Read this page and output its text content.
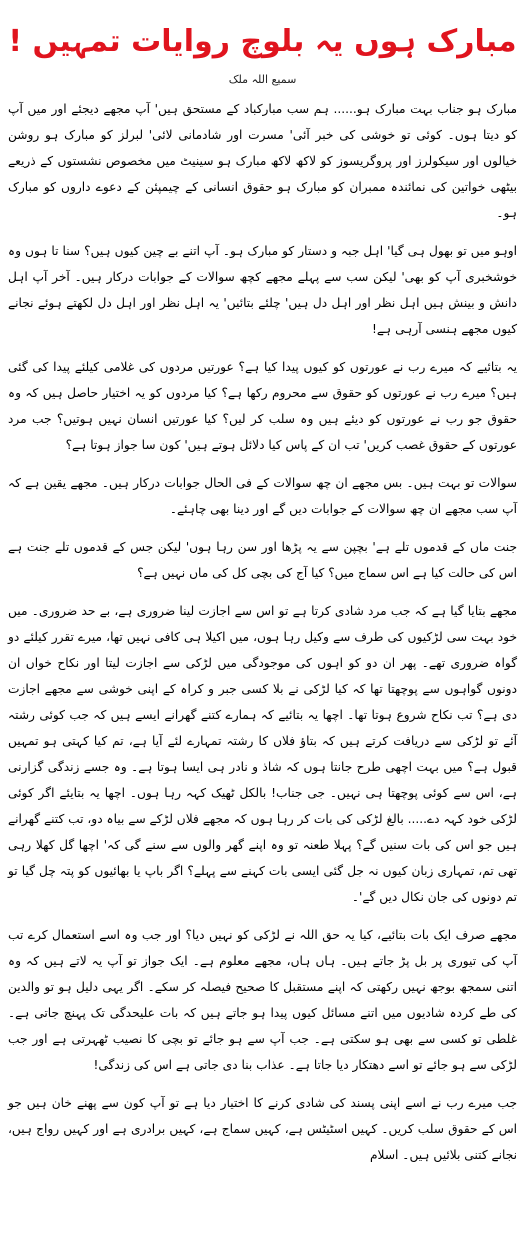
مبارک ہوں یہ بلوچ روایات تمہیں !
سمیع اللہ ملک

مبارک ہو جناب بہت مبارک ہو...... ہم سب مبارکباد کے مستحق ہیں' آپ مجھے دیجئے اور میں آپ کو دیتا ہوں۔ کوئی تو خوشی کی خبر آئی' مسرت اور شادمانی لائی' لبرلز کو مبارک ہو روشن خیالوں اور سیکولرز اور پروگریسوز کو لاکھ لاکھ مبارک ہو سینیٹ میں مخصوص نشستوں کے ذریعے بیٹھی خواتین کی نمائندہ ممبران کو مبارک ہو حقوق انسانی کے چیمپئن کے دعوے داروں کو مبارک ہو۔

اوہو میں تو بھول ہی گیا' اہل جبہ و دستار کو مبارک ہو۔ آپ اتنے بے چین کیوں ہیں؟ سنا تا ہوں وہ خوشخبری آپ کو بھی' لیکن سب سے پہلے مجھے کچھ سوالات کے جوابات درکار ہیں۔ آخر آپ اہل دانش و بینش ہیں اہل نظر اور اہل دل ہیں' چلئے بتائیں' یہ اہل نظر اور اہل دل لکھتے ہوئے نجانے کیوں مجھے ہنسی آرہی ہے!

یہ بتائیے کہ میرے رب نے عورتوں کو کیوں پیدا کیا ہے؟ عورتیں مردوں کی غلامی کیلئے پیدا کی گئی ہیں؟ میرے رب نے عورتوں کو حقوق سے محروم رکھا ہے؟ کیا مردوں کو یہ اختیار حاصل ہیں کہ وہ حقوق جو رب نے عورتوں کو دیئے ہیں وہ سلب کر لیں؟ کیا عورتیں انسان نہیں ہوتیں؟ جب مرد عورتوں کے حقوق غصب کریں' تب ان کے پاس کیا دلائل ہوتے ہیں' کون سا جواز ہوتا ہے؟

سوالات تو بہت ہیں۔ بس مجھے ان چھ سوالات کے فی الحال جوابات درکار ہیں۔ مجھے یقین ہے کہ آپ سب مجھے ان چھ سوالات کے جوابات دیں گے اور دینا بھی چاہئے۔

جنت ماں کے قدموں تلے ہے' بچپن سے یہ پڑھا اور سن رہا ہوں' لیکن جس کے قدموں تلے جنت ہے اس کی حالت کیا ہے اس سماج میں؟ کیا آج کی بچی کل کی ماں نہیں ہے؟

مجھے بتایا گیا ہے کہ جب مرد شادی کرتا ہے تو اس سے اجازت لینا ضروری ہے، بے حد ضروری۔ میں خود بہت سی لڑکیوں کی طرف سے وکیل رہا ہوں، میں اکیلا ہی کافی نہیں تھا، میرے تقرر کیلئے دو گواہ ضروری تھے۔ پھر ان دو کو اہوں کی موجودگی میں لڑکی سے اجازت لیتا اور نکاح خواں ان دونوں گواہوں سے پوچھتا تھا کہ کیا لڑکی نے بلا کسی جبر و کراہ کے اپنی خوشی سے مجھے اجازت دی ہے؟ تب نکاح شروع ہوتا تھا۔ اچھا یہ بتائیے کہ ہمارے کتنے گھرانے ایسے ہیں کہ جب کوئی رشتہ آئے تو لڑکی سے دریافت کرتے ہیں کہ بتاؤ فلاں کا رشتہ تمہارے لئے آیا ہے، تم کیا کہتی ہو تمہیں قبول ہے؟ میں بہت اچھی طرح جانتا ہوں کہ شاذ و نادر ہی ایسا ہوتا ہے۔ وہ جسے زندگی گزارنی ہے، اس سے کوئی پوچھتا ہی نہیں۔ جی جناب! بالکل ٹھیک کہہ رہا ہوں۔ اچھا یہ بتایئے اگر کوئی لڑکی خود کہہ دے..... بالغ لڑکی کی بات کر رہا ہوں کہ مجھے فلاں لڑکے سے بیاہ دو، تب کتنے گھرانے ہیں جو اس کی بات سنیں گے؟ پہلا طعنہ تو وہ اپنے گھر والوں سے سنے گی کہ' اچھا گل کھلا رہی تھی تم، تمہاری زبان کیوں نہ جل گئی ایسی بات کہنے سے پہلے؟ اگر باپ یا بھائیوں کو پتہ چل گیا تو تم دونوں کی جان نکال دیں گے'۔

مجھے صرف ایک بات بتائیے، کیا یہ حق اللہ نے لڑکی کو نہیں دیا؟ اور جب وہ اسے استعمال کرے تب آپ کی تیوری پر بل پڑ جاتے ہیں۔ ہاں ہاں، مجھے معلوم ہے۔ ایک جواز تو آپ یہ لاتے ہیں کہ وہ اتنی سمجھ بوجھ نہیں رکھتی کہ اپنے مستقبل کا صحیح فیصلہ کر سکے۔ اگر یہی دلیل ہو تو والدین کی طے کردہ شادیوں میں اتنے مسائل کیوں پیدا ہو جاتے ہیں کہ بات علیحدگی تک پہنچ جاتی ہے۔ غلطی تو کسی سے بھی ہو سکتی ہے۔ جب آپ سے ہو جائے تو بچی کا نصیب ٹھہرتی ہے اور جب لڑکی سے ہو جائے تو اسے دھتکار دیا جاتا ہے۔ عذاب بنا دی جاتی ہے اس کی زندگی!

جب میرے رب نے اسے اپنی پسند کی شادی کرنے کا اختیار دیا ہے تو آپ کون سے پھنے خان ہیں جو اس کے حقوق سلب کریں۔ کہیں اسٹیٹس ہے، کہیں سماج ہے، کہیں برادری ہے اور کہیں رواج ہیں، نجانے کتنی بلائیں ہیں۔ اسلام
